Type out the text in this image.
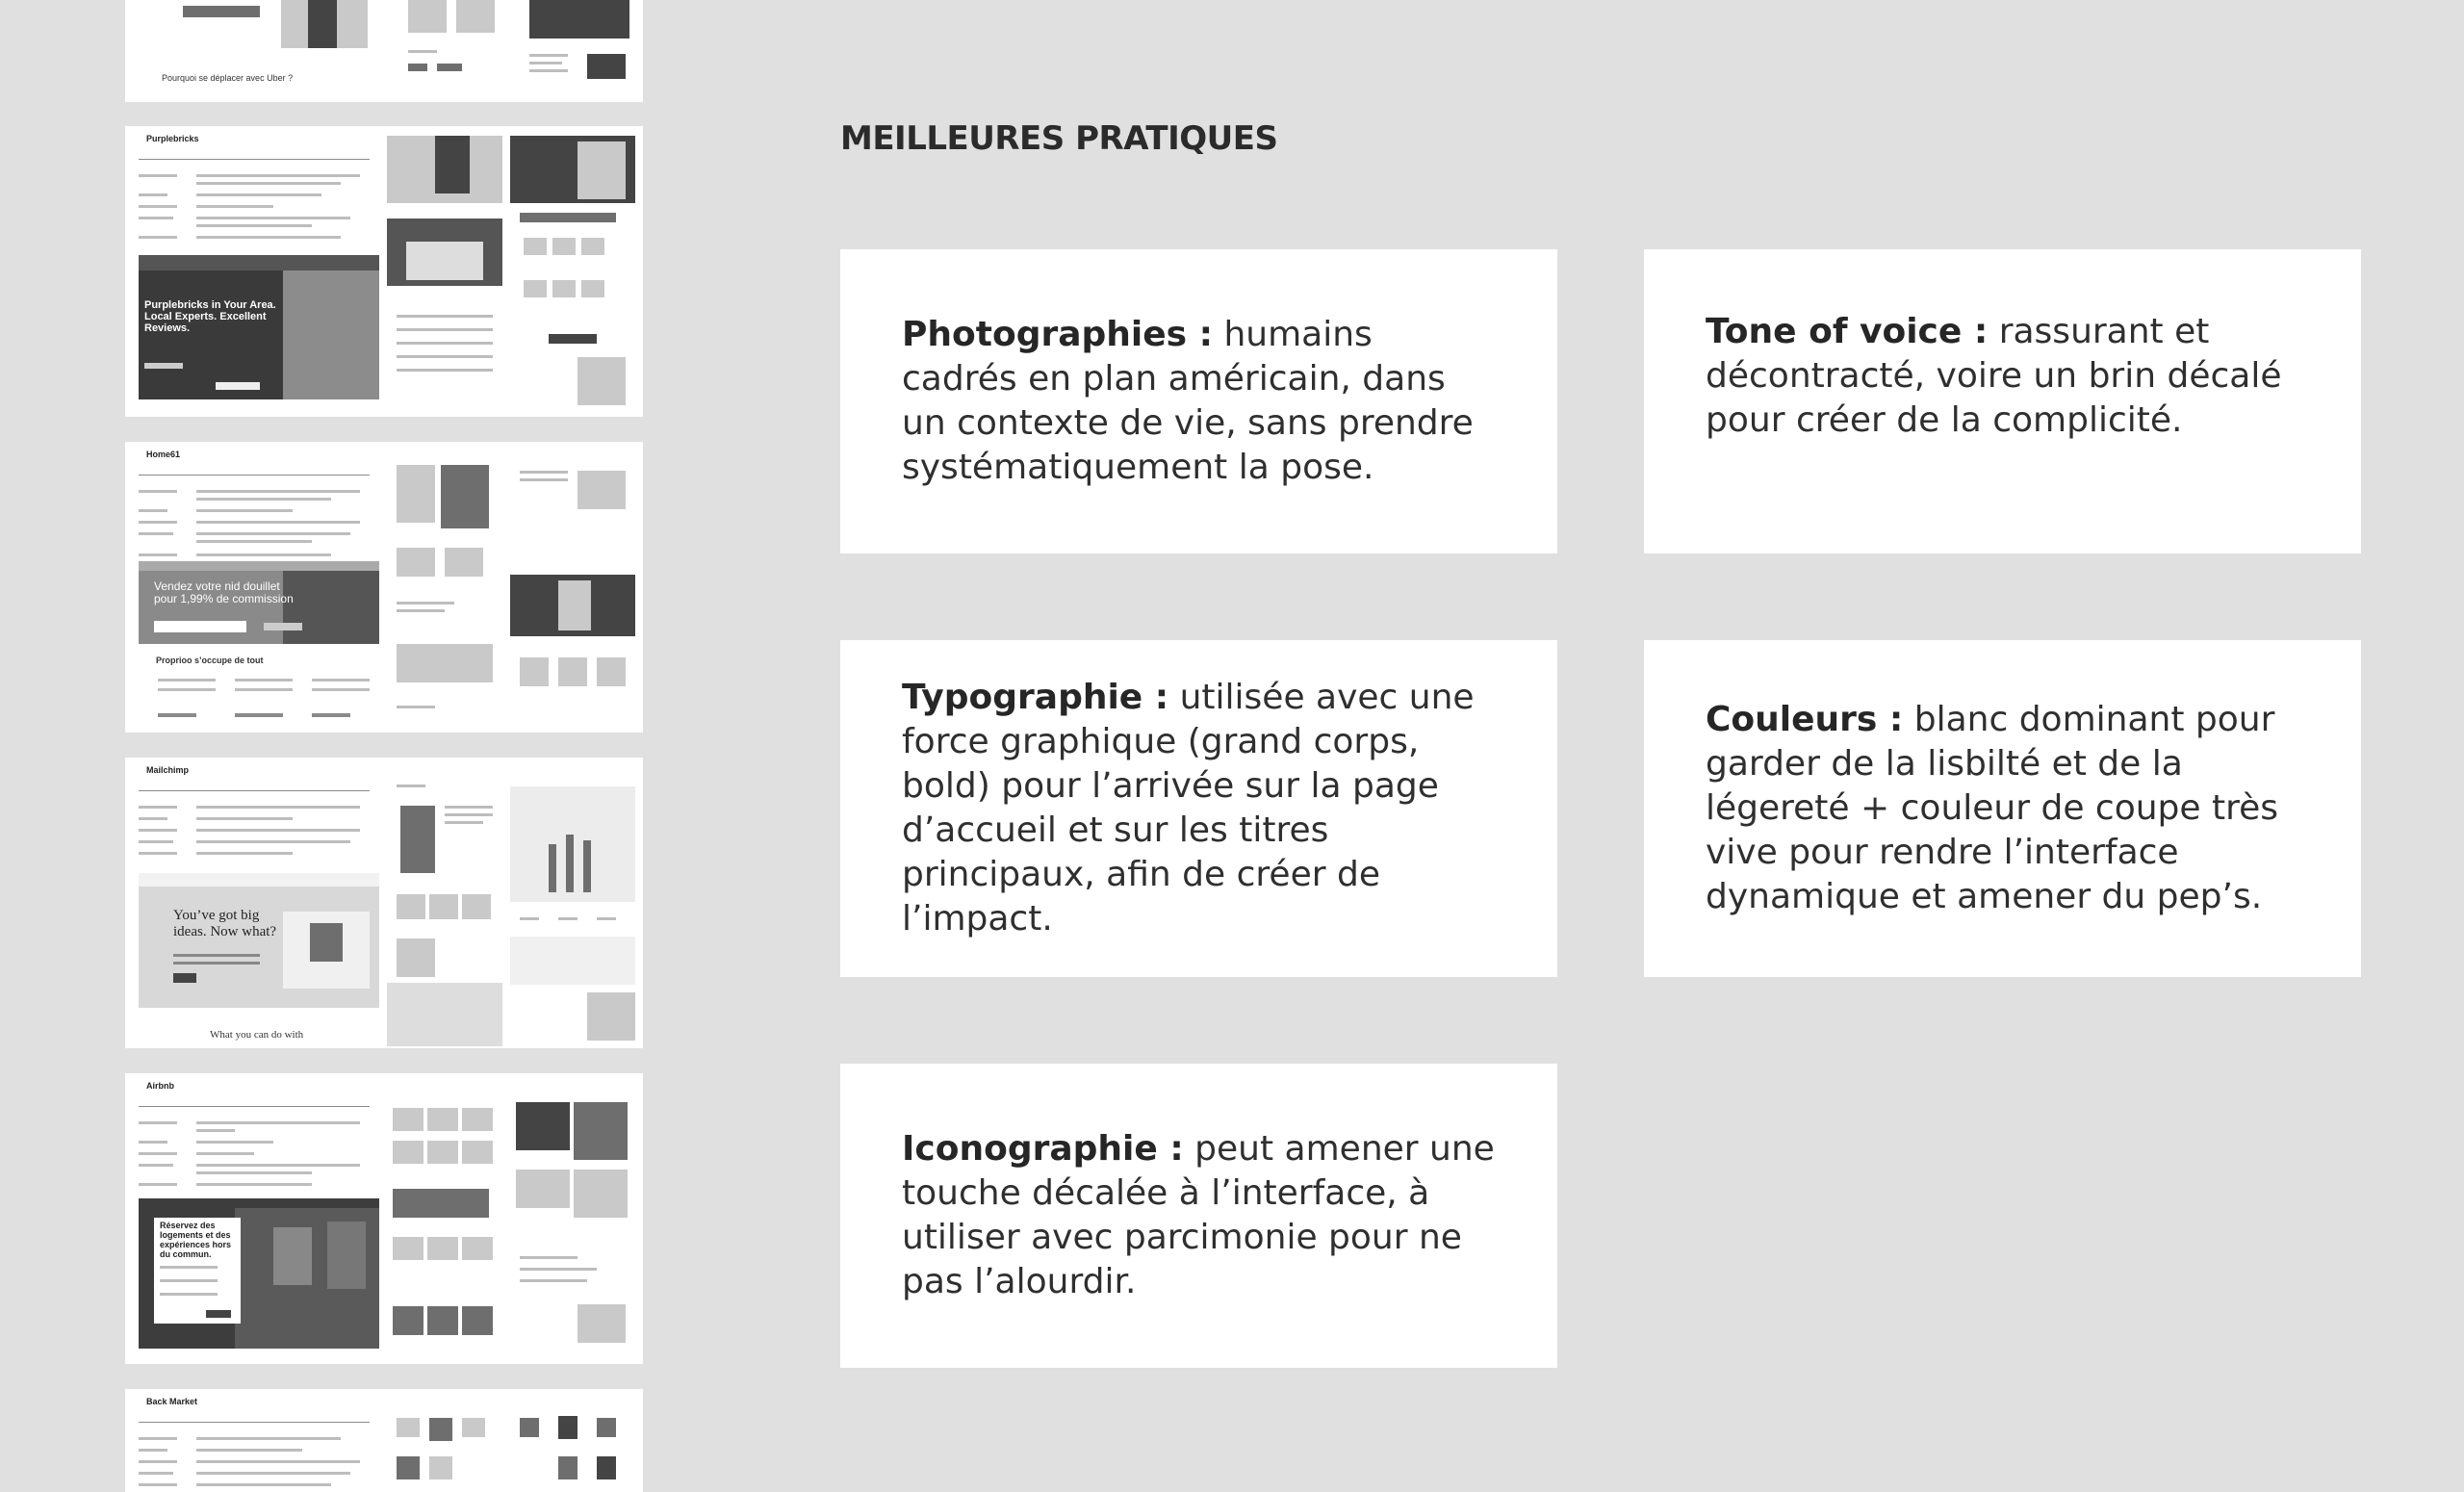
Pourquoi se déplacer avec Uber ?
Purplebricks
Purplebricks in Your Area. Local Experts. Excellent Reviews.
Home61
Vendez votre nid douillet pour 1,99% de commission
Proprioo s’occupe de tout
Mailchimp
You’ve got big ideas. Now what?
What you can do with
Airbnb
Réservez des logements et des expériences hors du commun.
Back Market
MEILLEURES PRATIQUES

Photographies : humains cadrés en plan américain, dans un contexte de vie, sans prendre systématiquement la pose.

Tone of voice : rassurant et décontracté, voire un brin décalé pour créer de la complicité.

Typographie : utilisée avec une force graphique (grand corps, bold) pour l’arrivée sur la page d’accueil et sur les titres principaux, afin de créer de l’impact.

Couleurs : blanc dominant pour garder de la lisbilté et de la légereté + couleur de coupe très vive pour rendre l’interface dynamique et amener du pep’s.

Iconographie : peut amener une touche décalée à l’interface, à utiliser avec parcimonie pour ne pas l’alourdir.
